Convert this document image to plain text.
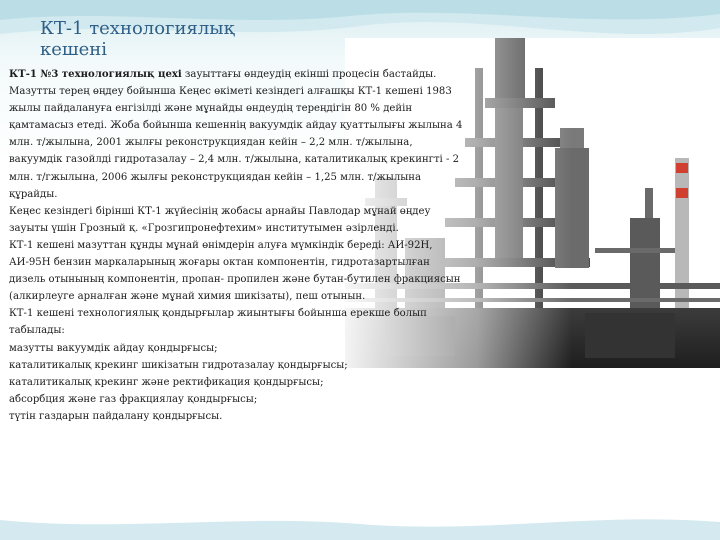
КТ-1 технологиялық кешені

КТ-1 №3 технологиялық цехі зауыттағы өндеудің екінші процесін бастайды. Мазутты терең өңдеу бойынша Кеңес өкіметі кезіндегі алғашқы КТ-1 кешені 1983 жылы пайдалануға енгізілді және мұнайды өндеудің тереңдігін 80 % дейін қамтамасыз етеді. Жоба бойынша кешеннің вакуумдік айдау қуаттылығы жылына 4 млн. т/жылына, 2001 жылғы реконструкциядан кейін – 2,2 млн. т/жылына, вакуумдік газойлді гидротазалау – 2,4 млн. т/жылына, каталитикалық крекингті - 2 млн. т/гжылына, 2006 жылғы реконструкциядан кейін – 1,25 млн. т/жылына құрайды.

Кеңес кезіндегі бірінші КТ-1 жүйесінің жобасы арнайы Павлодар мұнай өңдеу зауыты үшін Грозный қ. «Грозгипронефтехим» институтымен әзірленді.

КТ-1 кешені мазуттан құнды мұнай өнімдерін алуға мүмкіндік береді: АИ-92Н, АИ-95Н бензин маркаларының жоғары октан компонентін, гидротазартылған дизель отынының компонентін, пропан- пропилен және бутан-бутилен фракциясын (алкирлеуге арналған және мұнай химия шикізаты), пеш отынын.

КТ-1 кешені технологиялық қондырғылар жиынтығы бойынша ерекше болып табылады:

мазутты вакуумдік айдау қондырғысы;

каталитикалық крекинг шикізатын гидротазалау қондырғысы;

каталитикалық крекинг және ректификация қондырғысы;

абсорбция және газ фракциялау қондырғысы;

түтін газдарын пайдалану қондырғысы.
